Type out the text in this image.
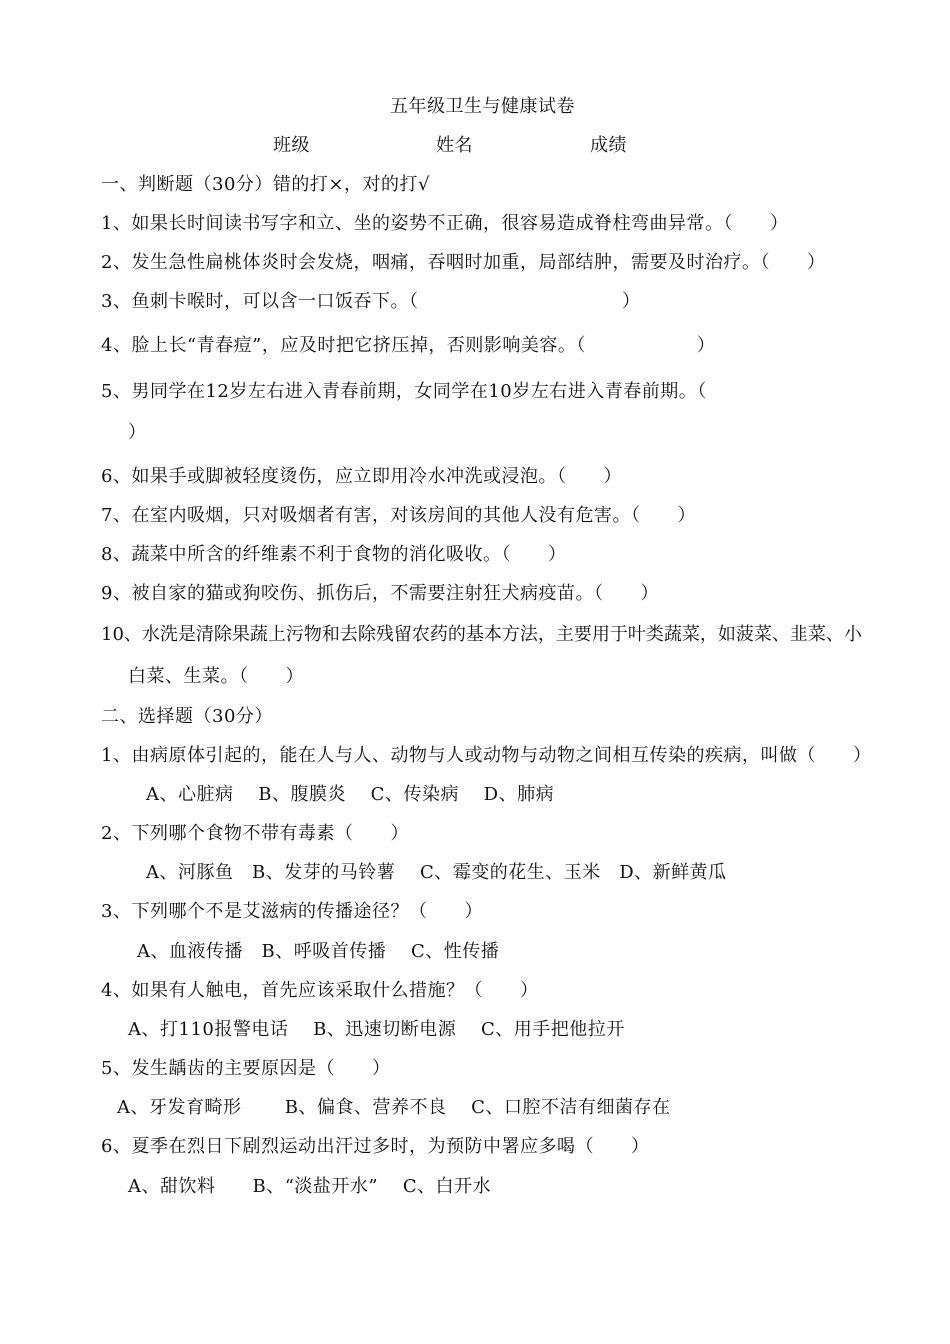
五年级卫生与健康试卷
班级	姓名	成绩
一、判断题（30分）错的打×，对的打√
1、如果长时间读书写字和立、坐的姿势不正确，很容易造成脊柱弯曲异常。（　　）
2、发生急性扁桃体炎时会发烧，咽痛，吞咽时加重，局部结肿，需要及时治疗。（　　）
3、鱼刺卡喉时，可以含一口饭吞下。（　　　　　　　　　　　）
4、脸上长“青春痘”，应及时把它挤压掉，否则影响美容。（　　　　　　）
5、男同学在12岁左右进入青春前期，女同学在10岁左右进入青春前期。（
）
6、如果手或脚被轻度烫伤，应立即用冷水冲洗或浸泡。（　　）
7、在室内吸烟，只对吸烟者有害，对该房间的其他人没有危害。（　　）
8、蔬菜中所含的纤维素不利于食物的消化吸收。（　　）
9、被自家的猫或狗咬伤、抓伤后，不需要注射狂犬病疫苗。（　　）
10、水洗是清除果蔬上污物和去除残留农药的基本方法，主要用于叶类蔬菜，如菠菜、韭菜、小
白菜、生菜。（　　）
二、选择题（30分）
1、由病原体引起的，能在人与人、动物与人或动物与动物之间相互传染的疾病，叫做（　　）
A、心脏病　 B、腹膜炎　 C、传染病　 D、肺病
2、下列哪个食物不带有毒素（　　）
A、河豚鱼　B、发芽的马铃薯　 C、霉变的花生、玉米　D、新鲜黄瓜
3、下列哪个不是艾滋病的传播途径？（　　）
A、血液传播　B、呼吸首传播　 C、性传播
4、如果有人触电，首先应该采取什么措施？（　　）
A、打110报警电话　 B、迅速切断电源　 C、用手把他拉开
5、发生龋齿的主要原因是（　　）
A、牙发育畸形　　 B、偏食、营养不良　 C、口腔不洁有细菌存在
6、夏季在烈日下剧烈运动出汗过多时，为预防中署应多喝（　　）
A、甜饮料　　B、“淡盐开水”　 C、白开水
